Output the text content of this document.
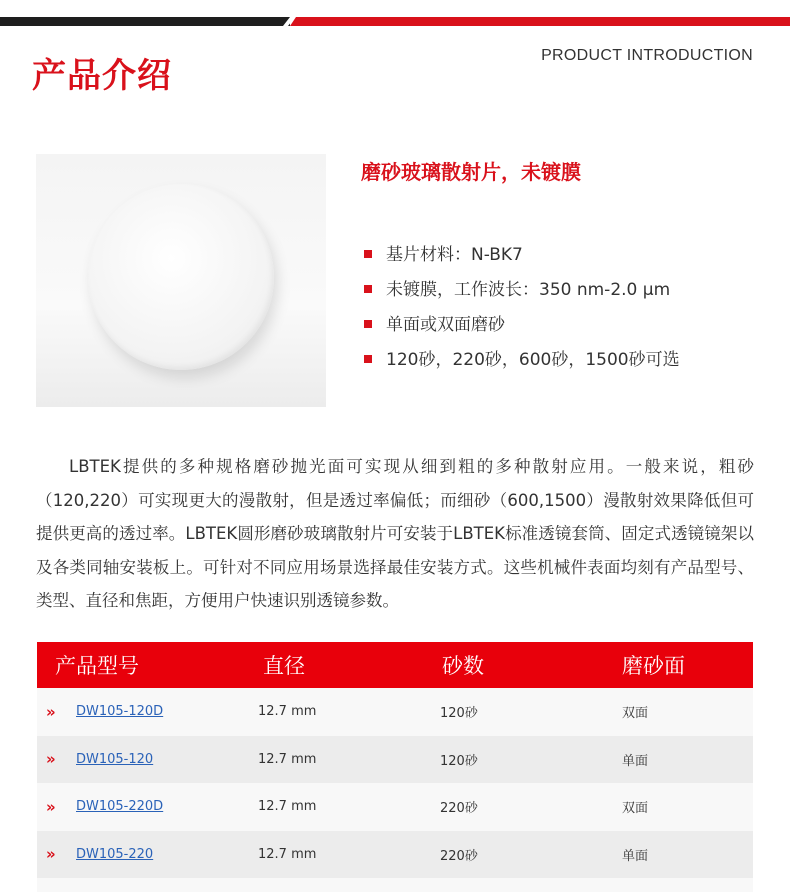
产品介绍
PRODUCT INTRODUCTION
磨砂玻璃散射片，未镀膜
基片材料：N-BK7
未镀膜，工作波长：350 nm-2.0 µm
单面或双面磨砂
120砂，220砂，600砂，1500砂可选

LBTEK提供的多种规格磨砂抛光面可实现从细到粗的多种散射应用。一般来说，粗砂（120,220）可实现更大的漫散射，但是透过率偏低；而细砂（600,1500）漫散射效果降低但可提供更高的透过率。LBTEK圆形磨砂玻璃散射片可安装于LBTEK标准透镜套筒、固定式透镜镜架以及各类同轴安装板上。可针对不同应用场景选择最佳安装方式。这些机械件表面均刻有产品型号、类型、直径和焦距，方便用户快速识别透镜参数。

产品型号	直径	砂数	磨砂面
»	DW105-120D	12.7 mm	120砂	双面
»	DW105-120	12.7 mm	120砂	单面
»	DW105-220D	12.7 mm	220砂	双面
»	DW105-220	12.7 mm	220砂	单面
